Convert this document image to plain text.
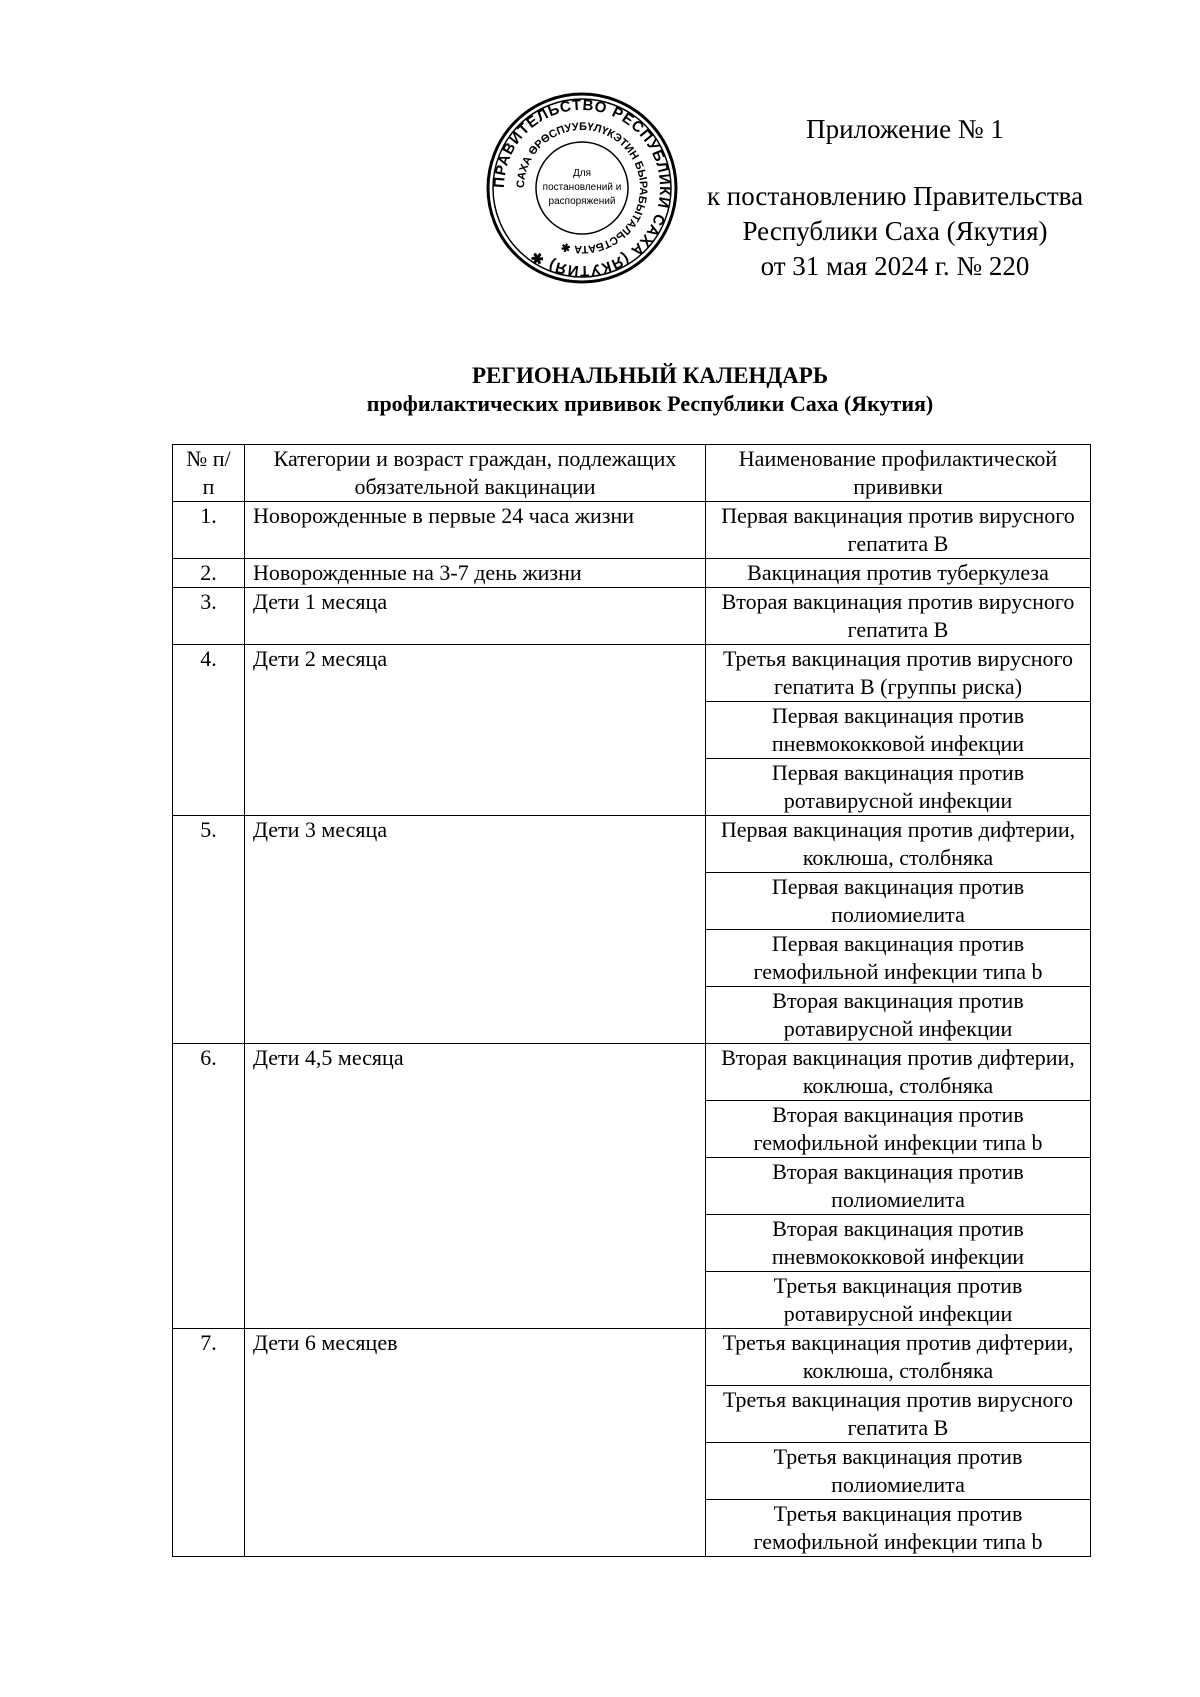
ПРАВИТЕЛЬСТВО РЕСПУБЛИКИ САХА (ЯКУТИЯ) ✱
САХА ӨРӨСПУУБҮЛҮКЭТИН БЫРАБЫТАЛЬСТБАТА ✱
Для
постановлений и
распоряжений
Приложение № 1
к постановлению Правительства
Республики Саха (Якутия)
от 31 мая 2024 г. № 220
РЕГИОНАЛЬНЫЙ КАЛЕНДАРЬ
профилактических прививок Республики Саха (Якутия)
№ п/п	Категории и возраст граждан, подлежащих обязательной вакцинации	Наименование профилактической прививки
1.	Новорожденные в первые 24 часа жизни	Первая вакцинация против вирусного гепатита В
2.	Новорожденные на 3-7 день жизни	Вакцинация против туберкулеза
3.	Дети 1 месяца	Вторая вакцинация против вирусного гепатита В
4.	Дети 2 месяца	Третья вакцинация против вирусного гепатита В (группы риска)
		Первая вакцинация против пневмококковой инфекции
		Первая вакцинация против ротавирусной инфекции
5.	Дети 3 месяца	Первая вакцинация против дифтерии, коклюша, столбняка
		Первая вакцинация против полиомиелита
		Первая вакцинация против гемофильной инфекции типа b
		Вторая вакцинация против ротавирусной инфекции
6.	Дети 4,5 месяца	Вторая вакцинация против дифтерии, коклюша, столбняка
		Вторая вакцинация против гемофильной инфекции типа b
		Вторая вакцинация против полиомиелита
		Вторая вакцинация против пневмококковой инфекции
		Третья вакцинация против ротавирусной инфекции
7.	Дети 6 месяцев	Третья вакцинация против дифтерии, коклюша, столбняка
		Третья вакцинация против вирусного гепатита В
		Третья вакцинация против полиомиелита
		Третья вакцинация против гемофильной инфекции типа b
